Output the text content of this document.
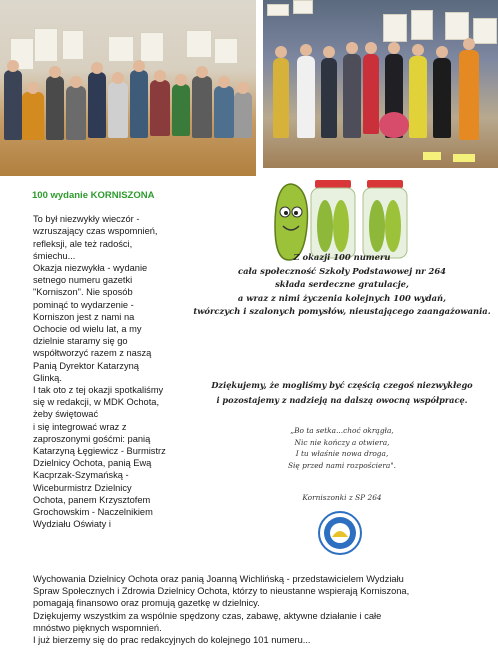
100 wydanie KORNISZONA

To był niezwykły wieczór -
wzruszający czas wspomnień,
refleksji, ale też radości,
śmiechu...

Okazja niezwykła - wydanie
setnego numeru gazetki
"Korniszon". Nie sposób
pominąć to wydarzenie -
Korniszon jest z nami na
Ochocie od wielu lat, a my
dzielnie staramy się go
współtworzyć razem z naszą
Panią Dyrektor Katarzyną
Glinką.

I tak oto z tej okazji spotkaliśmy
się w redakcji, w MDK Ochota,
żeby świętować
i się integrować wraz z
zaproszonymi gośćmi: panią
Katarzyną Łęgiewicz - Burmistrz
Dzielnicy Ochota, panią Ewą
Kacprzak-Szymańską -
Wiceburmistrz Dzielnicy
Ochota, panem Krzysztofem
Grochowskim - Naczelnikiem
Wydziału Oświaty i

Z okazji 100 numeru
cała społeczność Szkoły Podstawowej nr 264
składa serdeczne gratulacje,
a wraz z nimi życzenia kolejnych 100 wydań,
twórczych i szalonych pomysłów, nieustającego zaangażowania.
Dziękujemy, że mogliśmy być częścią czegoś niezwykłego
i pozostajemy z nadzieją na dalszą owocną współpracę.
„Bo ta setka...choć okrągła,
Nic nie kończy a otwiera,
I tu właśnie nowa droga,
Się przed nami rozpościera".
Korniszonki z SP 264
Wychowania Dzielnicy Ochota oraz panią Joanną Wichlińską - przedstawicielem Wydziału
Spraw Społecznych i Zdrowia Dzielnicy Ochota, którzy to nieustanne wspierają Korniszona,
pomagają finansowo oraz promują gazetkę w dzielnicy.
Dziękujemy wszystkim za wspólnie spędzony czas, zabawę, aktywne działanie i całe
mnóstwo pięknych wspomnień.
I już bierzemy się do prac redakcyjnych do kolejnego 101 numeru...
